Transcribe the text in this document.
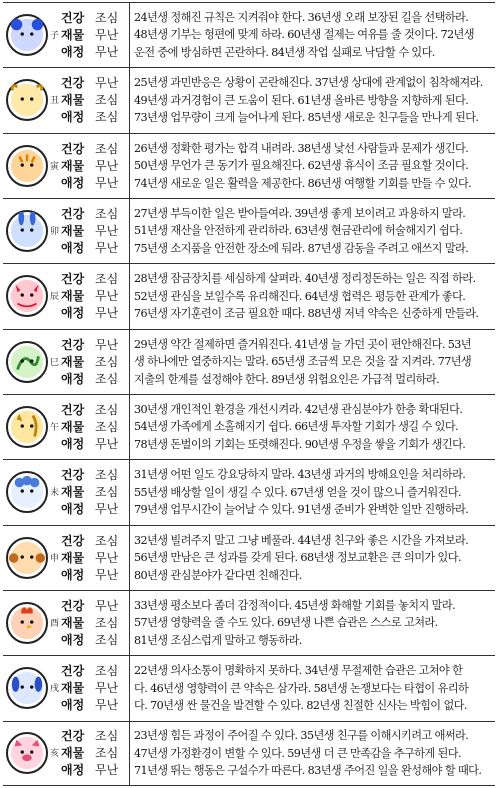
子
건강 조심
재물 무난
애정 무난
24년생 정해진 규칙은 지켜줘야 한다. 36년생 오래 보장된 길을 선택하라.
48년생 기부는 헝편에 맞게 하라. 60년생 절제는 여유를 줄 것이다. 72년생
운전 중에 방심하면 곤란하다. 84년생 작업 실패로 낙담할 수 있다.
丑
건강 무난
재물 조심
애정 조심
25년생 과민반응은 상황이 곤란해진다. 37년생 상대에 관계없이 침착해져라.
49년생 과거경험이 큰 도움이 된다. 61년생 올바른 방향을 지향하게 된다.
73년생 업무량이 크게 늘어나게 된다. 85년생 새로운 친구들을 만나게 된다.
寅
건강 조심
재물 무난
애정 무난
26년생 정확한 평가는 합격 내려라. 38년생 낯선 사람들과 문제가 생긴다.
50년생 무언가 큰 동기가 필요해진다. 62년생 휴식이 조금 필요할 것이다.
74년생 새로운 일은 활력을 제공한다. 86년생 여행할 기회를 만들 수 있다.
卯
건강 조심
재물 무난
애정 무난
27년생 부득이한 일은 받아들여라. 39년생 좋게 보이려고 과용하지 말라.
51년생 재산을 안전하게 관리하라. 63년생 현금관리에 허술해지기 쉽다.
75년생 소지품을 안전한 장소에 둬라. 87년생 감동을 주려고 애쓰지 말라.
辰
건강 조심
재물 무난
애정 무난
28년생 잠금장치를 세심하게 살펴라. 40년생 정리정돈하는 일은 직접 하라.
52년생 관심을 보일수록 유리해진다. 64년생 협력은 평등한 관계가 좋다.
76년생 자기훈련이 조금 필요한 때다. 88년생 저녁 약속은 신중하게 만들라.
巳
건강 무난
재물 조심
애정 조심
29년생 약간 절제하면 즐거워진다. 41년생 늘 가던 곳이 편안해진다. 53년
생 하나에만 열중하지는 말라. 65년생 조금씩 모은 것을 잘 지켜라. 77년생
지출의 한계를 설정해야 한다. 89년생 위험요인은 가급적 멀리하라.
午
건강 조심
재물 조심
애정 무난
30년생 개인적인 환경을 개선시켜라. 42년생 관심분야가 한층 확대된다.
54년생 가족에게 소홀해지기 쉽다. 66년생 투자할 기회가 생길 수 있다.
78년생 돈벌이의 기회는 또렷해진다. 90년생 우정을 쌓을 기회가 생긴다.
未
건강 조심
재물 조심
애정 무난
31년생 어떤 일도 강요당하지 말라. 43년생 과거의 방해요인을 처리하라.
55년생 배상할 일이 생길 수 있다. 67년생 얻을 것이 많으니 즐거워진다.
79년생 업무시간이 늘어날 수 있다. 91년생 준비가 완벽한 일만 진행하라.
申
건강 조심
재물 무난
애정 무난
32년생 빌려주지 말고 그냥 베풀라. 44년생 친구와 좋은 시간을 가져보라.
56년생 만남은 큰 성과를 갖게 된다. 68년생 정보교환은 큰 의미가 있다.
80년생 관심분야가 같다면 친해진다.
酉
건강 무난
재물 조심
애정 조심
33년생 평소보다 좀더 감정적이다. 45년생 화해할 기회를 놓치지 말라.
57년생 영향력을 줄 수도 있다. 69년생 나쁜 습관은 스스로 고쳐라.
81년생 조심스럽게 말하고 행동하라.
戌
건강 조심
재물 무난
애정 무난
22년생 의사소통이 명확하지 못하다. 34년생 무절제한 습관은 고쳐야 한
다. 46년생 영향력이 큰 약속은 삼가라. 58년생 논쟁보다는 타협이 유리하
다. 70년생 싼 물건을 발견할 수 있다. 82년생 친절한 신사는 박힘이 없다.
亥
건강 조심
재물 조심
애정 무난
23년생 힘든 과정이 주어질 수 있다. 35년생 친구를 이해시키려고 애써라.
47년생 가정환경이 변할 수 있다. 59년생 더 큰 만족감을 추구하게 된다.
71년생 뛰는 행동은 구설수가 따른다. 83년생 주어진 일을 완성해야 할 때다.
